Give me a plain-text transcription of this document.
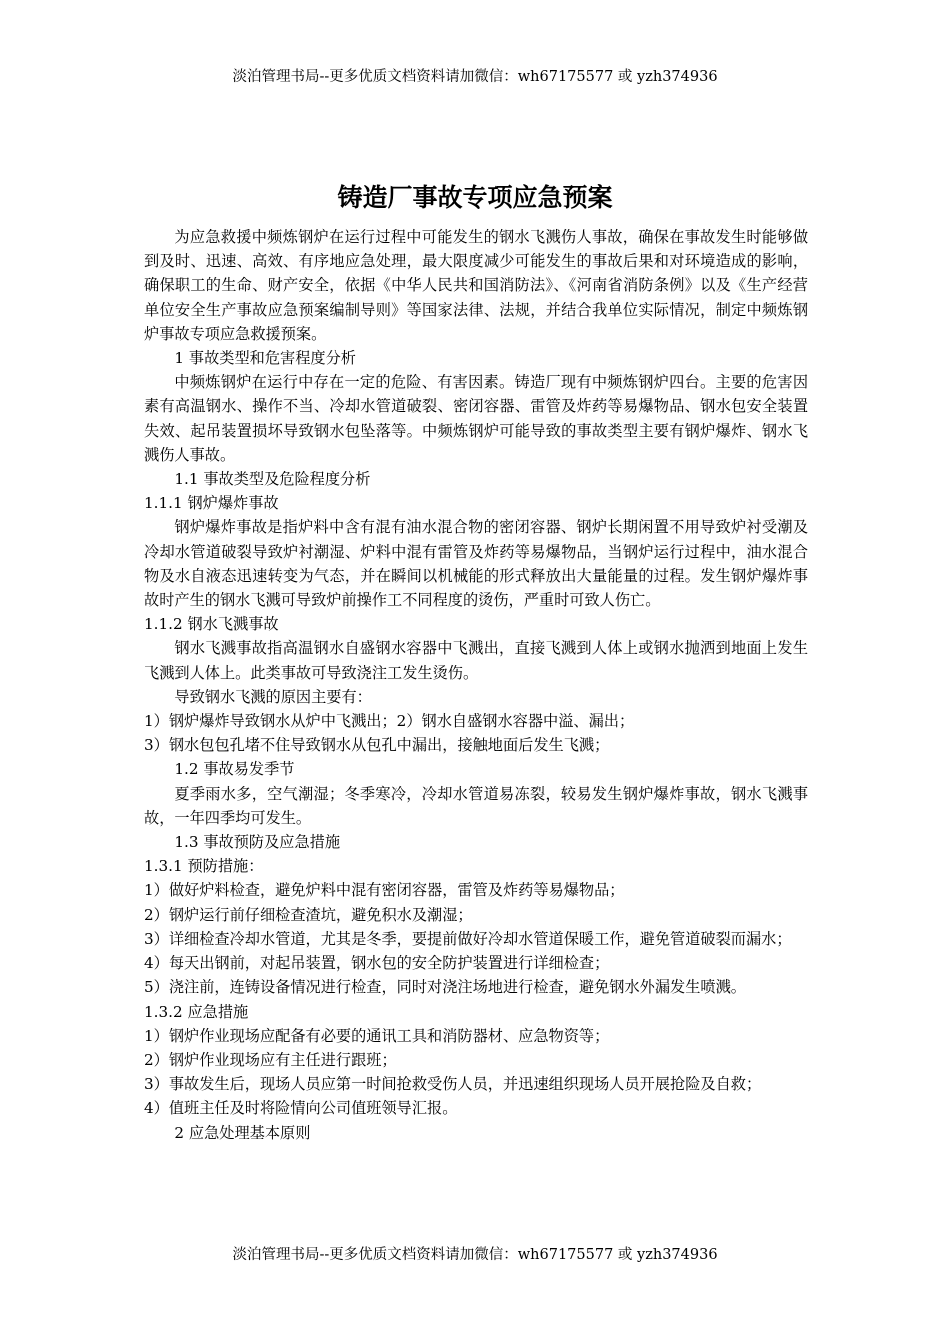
淡泊管理书局--更多优质文档资料请加微信：wh67175577 或 yzh374936
铸造厂事故专项应急预案

为应急救援中频炼钢炉在运行过程中可能发生的钢水飞溅伤人事故，确保在事故发生时能够做到及时、迅速、高效、有序地应急处理，最大限度减少可能发生的事故后果和对环境造成的影响，确保职工的生命、财产安全，依据《中华人民共和国消防法》、《河南省消防条例》以及《生产经营单位安全生产事故应急预案编制导则》等国家法律、法规，并结合我单位实际情况，制定中频炼钢炉事故专项应急救援预案。

1 事故类型和危害程度分析

中频炼钢炉在运行中存在一定的危险、有害因素。铸造厂现有中频炼钢炉四台。主要的危害因素有高温钢水、操作不当、冷却水管道破裂、密闭容器、雷管及炸药等易爆物品、钢水包安全装置失效、起吊装置损坏导致钢水包坠落等。中频炼钢炉可能导致的事故类型主要有钢炉爆炸、钢水飞溅伤人事故。

1.1 事故类型及危险程度分析

1.1.1 钢炉爆炸事故

钢炉爆炸事故是指炉料中含有混有油水混合物的密闭容器、钢炉长期闲置不用导致炉衬受潮及冷却水管道破裂导致炉衬潮湿、炉料中混有雷管及炸药等易爆物品，当钢炉运行过程中，油水混合物及水自液态迅速转变为气态，并在瞬间以机械能的形式释放出大量能量的过程。发生钢炉爆炸事故时产生的钢水飞溅可导致炉前操作工不同程度的烫伤，严重时可致人伤亡。

1.1.2 钢水飞溅事故

钢水飞溅事故指高温钢水自盛钢水容器中飞溅出，直接飞溅到人体上或钢水抛洒到地面上发生飞溅到人体上。此类事故可导致浇注工发生烫伤。

导致钢水飞溅的原因主要有：

1）钢炉爆炸导致钢水从炉中飞溅出；2）钢水自盛钢水容器中溢、漏出；

3）钢水包包孔堵不住导致钢水从包孔中漏出，接触地面后发生飞溅；

1.2 事故易发季节

夏季雨水多，空气潮湿；冬季寒冷，冷却水管道易冻裂，较易发生钢炉爆炸事故，钢水飞溅事故，一年四季均可发生。

1.3 事故预防及应急措施

1.3.1 预防措施：

1）做好炉料检查，避免炉料中混有密闭容器，雷管及炸药等易爆物品；

2）钢炉运行前仔细检查渣坑，避免积水及潮湿；

3）详细检查冷却水管道，尤其是冬季，要提前做好冷却水管道保暖工作，避免管道破裂而漏水；

4）每天出钢前，对起吊装置，钢水包的安全防护装置进行详细检查；

5）浇注前，连铸设备情况进行检查，同时对浇注场地进行检查，避免钢水外漏发生喷溅。

1.3.2 应急措施

1）钢炉作业现场应配备有必要的通讯工具和消防器材、应急物资等；

2）钢炉作业现场应有主任进行跟班；

3）事故发生后，现场人员应第一时间抢救受伤人员，并迅速组织现场人员开展抢险及自救；

4）值班主任及时将险情向公司值班领导汇报。

2 应急处理基本原则

淡泊管理书局--更多优质文档资料请加微信：wh67175577 或 yzh374936
